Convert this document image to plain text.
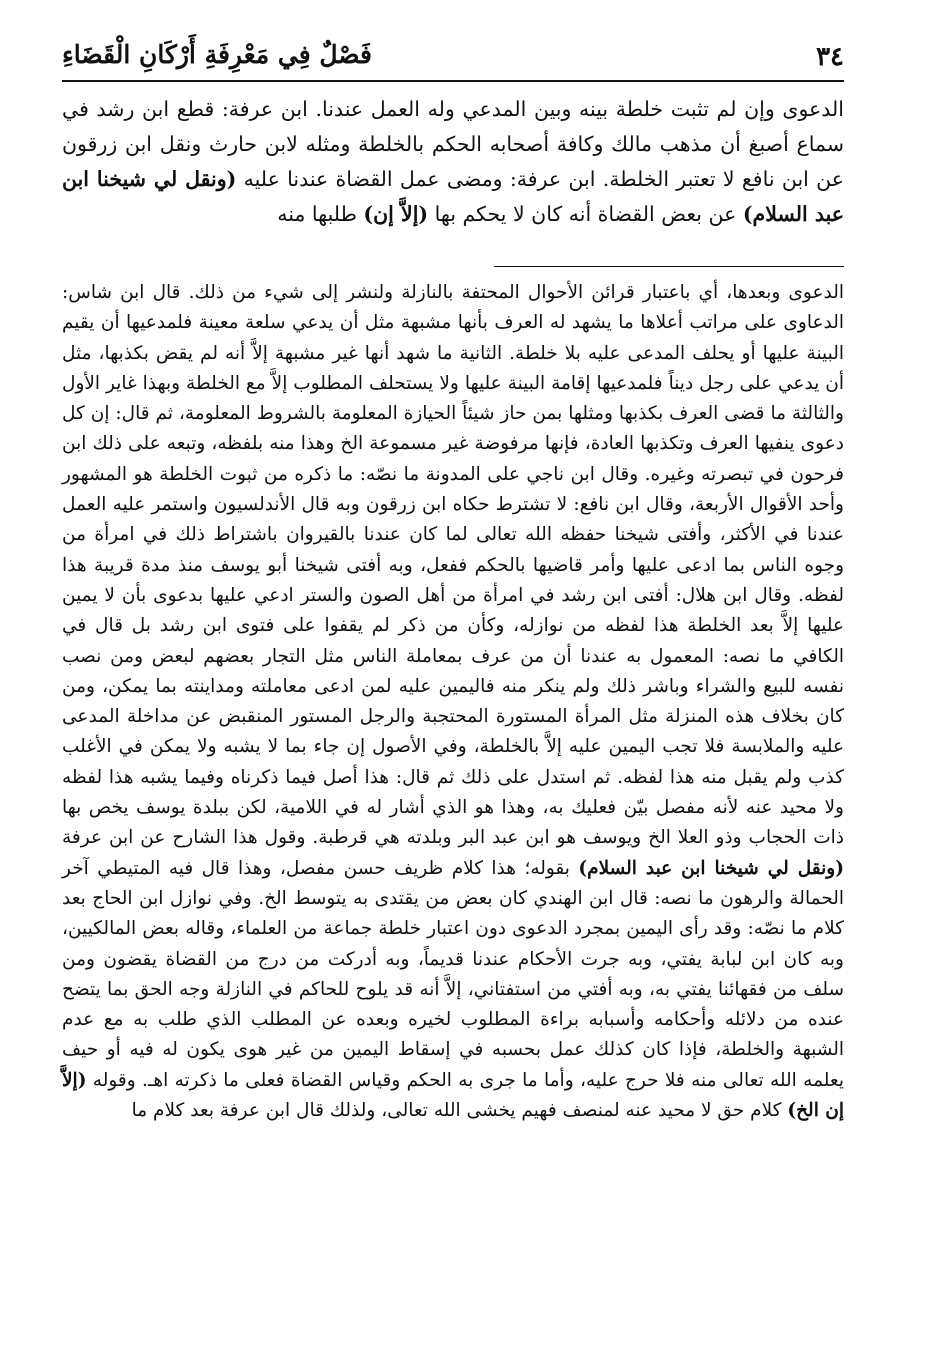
٣٤
فَصْلٌ فِي مَعْرِفَةِ أَرْكَانِ الْقَضَاءِ

الدعوى وإن لم تثبت خلطة بينه وبين المدعي وله العمل عندنا. ابن عرفة: قطع ابن رشد في سماع أصبغ أن مذهب مالك وكافة أصحابه الحكم بالخلطة ومثله لابن حارث ونقل ابن زرقون عن ابن نافع لا تعتبر الخلطة. ابن عرفة: ومضى عمل القضاة عندنا عليه (ونقل لي شيخنا ابن عبد السلام) عن بعض القضاة أنه كان لا يحكم بها (إلاَّ إن) طلبها منه

الدعوى وبعدها، أي باعتبار قرائن الأحوال المحتفة بالنازلة ولنشر إلى شيء من ذلك. قال ابن شاس: الدعاوى على مراتب أعلاها ما يشهد له العرف بأنها مشبهة مثل أن يدعي سلعة معينة فلمدعيها أن يقيم البينة عليها أو يحلف المدعى عليه بلا خلطة. الثانية ما شهد أنها غير مشبهة إلاَّ أنه لم يقض بكذبها، مثل أن يدعي على رجل ديناً فلمدعيها إقامة البينة عليها ولا يستحلف المطلوب إلاَّ مع الخلطة وبهذا غاير الأول والثالثة ما قضى العرف بكذبها ومثلها بمن حاز شيئاً الحيازة المعلومة بالشروط المعلومة، ثم قال: إن كل دعوى ينفيها العرف وتكذبها العادة، فإنها مرفوضة غير مسموعة الخ وهذا منه بلفظه، وتبعه على ذلك ابن فرحون في تبصرته وغيره. وقال ابن ناجي على المدونة ما نصّه: ما ذكره من ثبوت الخلطة هو المشهور وأحد الأقوال الأربعة، وقال ابن نافع: لا تشترط حكاه ابن زرقون وبه قال الأندلسيون واستمر عليه العمل عندنا في الأكثر، وأفتى شيخنا حفظه الله تعالى لما كان عندنا بالقيروان باشتراط ذلك في امرأة من وجوه الناس بما ادعى عليها وأمر قاضيها بالحكم ففعل، وبه أفتى شيخنا أبو يوسف منذ مدة قريبة هذا لفظه. وقال ابن هلال: أفتى ابن رشد في امرأة من أهل الصون والستر ادعي عليها بدعوى بأن لا يمين عليها إلاَّ بعد الخلطة هذا لفظه من نوازله، وكأن من ذكر لم يقفوا على فتوى ابن رشد بل قال في الكافي ما نصه: المعمول به عندنا أن من عرف بمعاملة الناس مثل التجار بعضهم لبعض ومن نصب نفسه للبيع والشراء وباشر ذلك ولم ينكر منه فاليمين عليه لمن ادعى معاملته ومداينته بما يمكن، ومن كان بخلاف هذه المنزلة مثل المرأة المستورة المحتجبة والرجل المستور المنقبض عن مداخلة المدعى عليه والملابسة فلا تجب اليمين عليه إلاَّ بالخلطة، وفي الأصول إن جاء بما لا يشبه ولا يمكن في الأغلب كذب ولم يقبل منه هذا لفظه. ثم استدل على ذلك ثم قال: هذا أصل فيما ذكرناه وفيما يشبه هذا لفظه ولا محيد عنه لأنه مفصل بيّن فعليك به، وهذا هو الذي أشار له في اللامية، لكن ببلدة يوسف يخص بها ذات الحجاب وذو العلا الخ ويوسف هو ابن عبد البر وبلدته هي قرطبة. وقول هذا الشارح عن ابن عرفة (ونقل لي شيخنا ابن عبد السلام) بقوله؛ هذا كلام ظريف حسن مفصل، وهذا قال فيه المتيطي آخر الحمالة والرهون ما نصه: قال ابن الهندي كان بعض من يقتدى به يتوسط الخ. وفي نوازل ابن الحاج بعد كلام ما نصّه: وقد رأى اليمين بمجرد الدعوى دون اعتبار خلطة جماعة من العلماء، وقاله بعض المالكيين، وبه كان ابن لبابة يفتي، وبه جرت الأحكام عندنا قديماً، وبه أدركت من درج من القضاة يقضون ومن سلف من فقهائنا يفتي به، وبه أفتي من استفتاني، إلاَّ أنه قد يلوح للحاكم في النازلة وجه الحق بما يتضح عنده من دلائله وأحكامه وأسبابه براءة المطلوب لخيره وبعده عن المطلب الذي طلب به مع عدم الشبهة والخلطة، فإذا كان كذلك عمل بحسبه في إسقاط اليمين من غير هوى يكون له فيه أو حيف يعلمه الله تعالى منه فلا حرج عليه، وأما ما جرى به الحكم وقياس القضاة فعلى ما ذكرته اهـ. وقوله (إلاَّ إن الخ) كلام حق لا محيد عنه لمنصف فهيم يخشى الله تعالى، ولذلك قال ابن عرفة بعد كلام ما
